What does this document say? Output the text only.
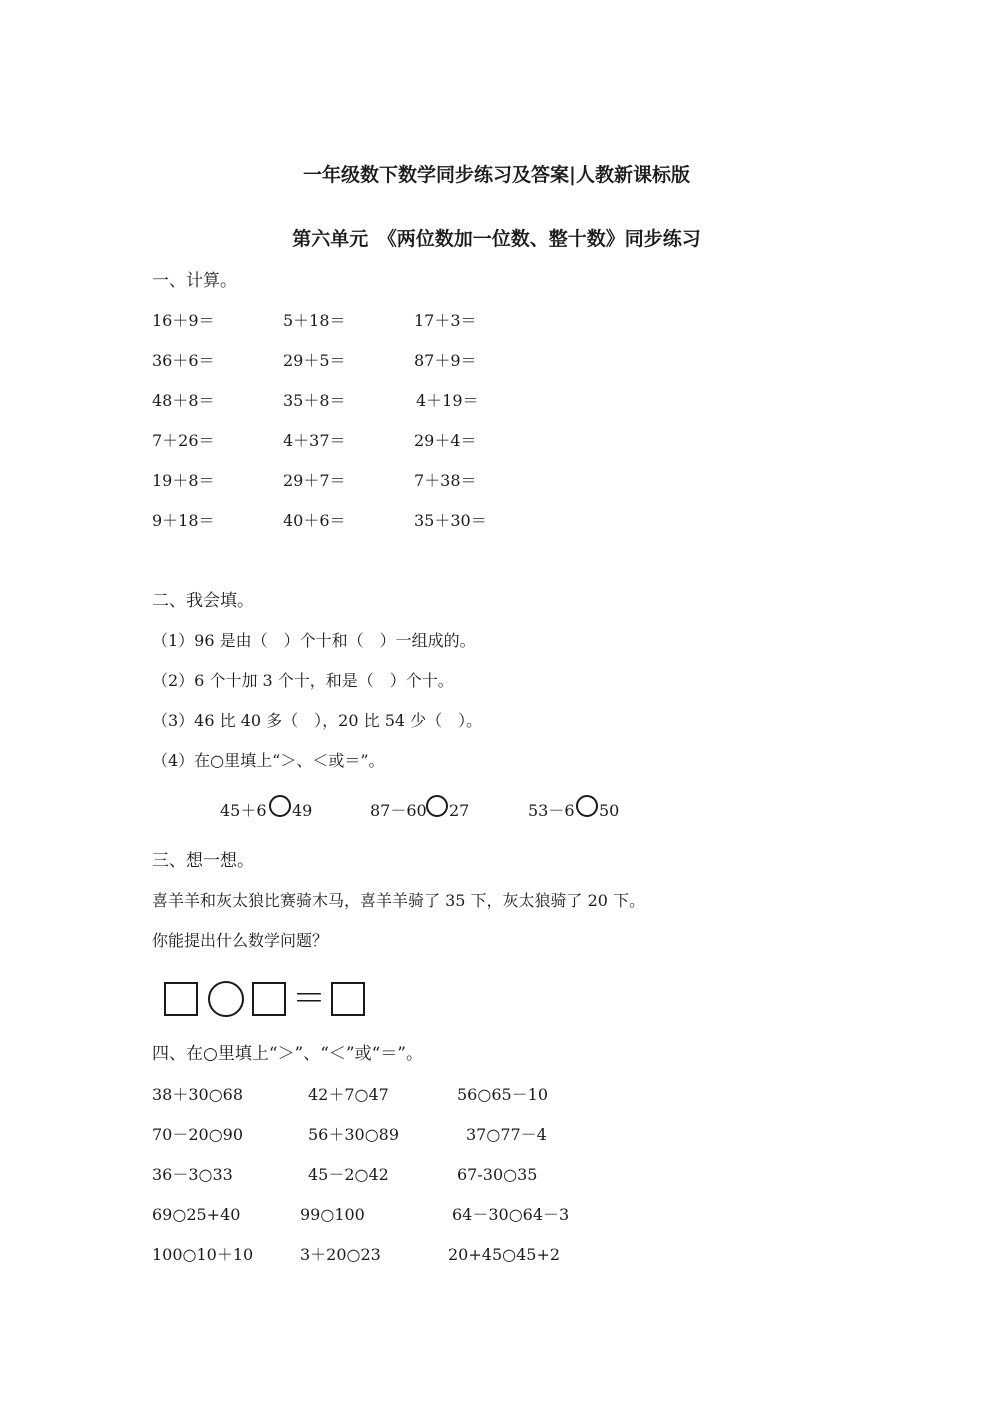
一年级数下数学同步练习及答案|人教新课标版
第六单元　《两位数加一位数、整十数》同步练习
一、计算。
16＋9＝	5＋18＝	17＋3＝
36＋6＝	29＋5＝	87＋9＝
48＋8＝	35＋8＝	4＋19＝
7＋26＝	4＋37＝	29＋4＝
19＋8＝	29＋7＝	7＋38＝
9＋18＝	40＋6＝	35＋30＝
二、我会填。
（1）96 是由（　）个十和（　）一组成的。
（2）6 个十加 3 个十，和是（　）个十。
（3）46 比 40 多（　），20 比 54 少（　）。
（4）在○里填上“＞、＜或＝”。
45＋6 49	87－60 27	53－6 50
三、想一想。
喜羊羊和灰太狼比赛骑木马，喜羊羊骑了 35 下，灰太狼骑了 20 下。
你能提出什么数学问题？
＝
四、在○里填上“＞”、“＜”或“＝”。
38＋30○68	42＋7○47	56○65－10
70－20○90	56＋30○89	37○77－4
36－3○33	45－2○42	67-30○35
69○25+40	99○100	64－30○64－3
100○10＋10	3＋20○23	20+45○45+2
